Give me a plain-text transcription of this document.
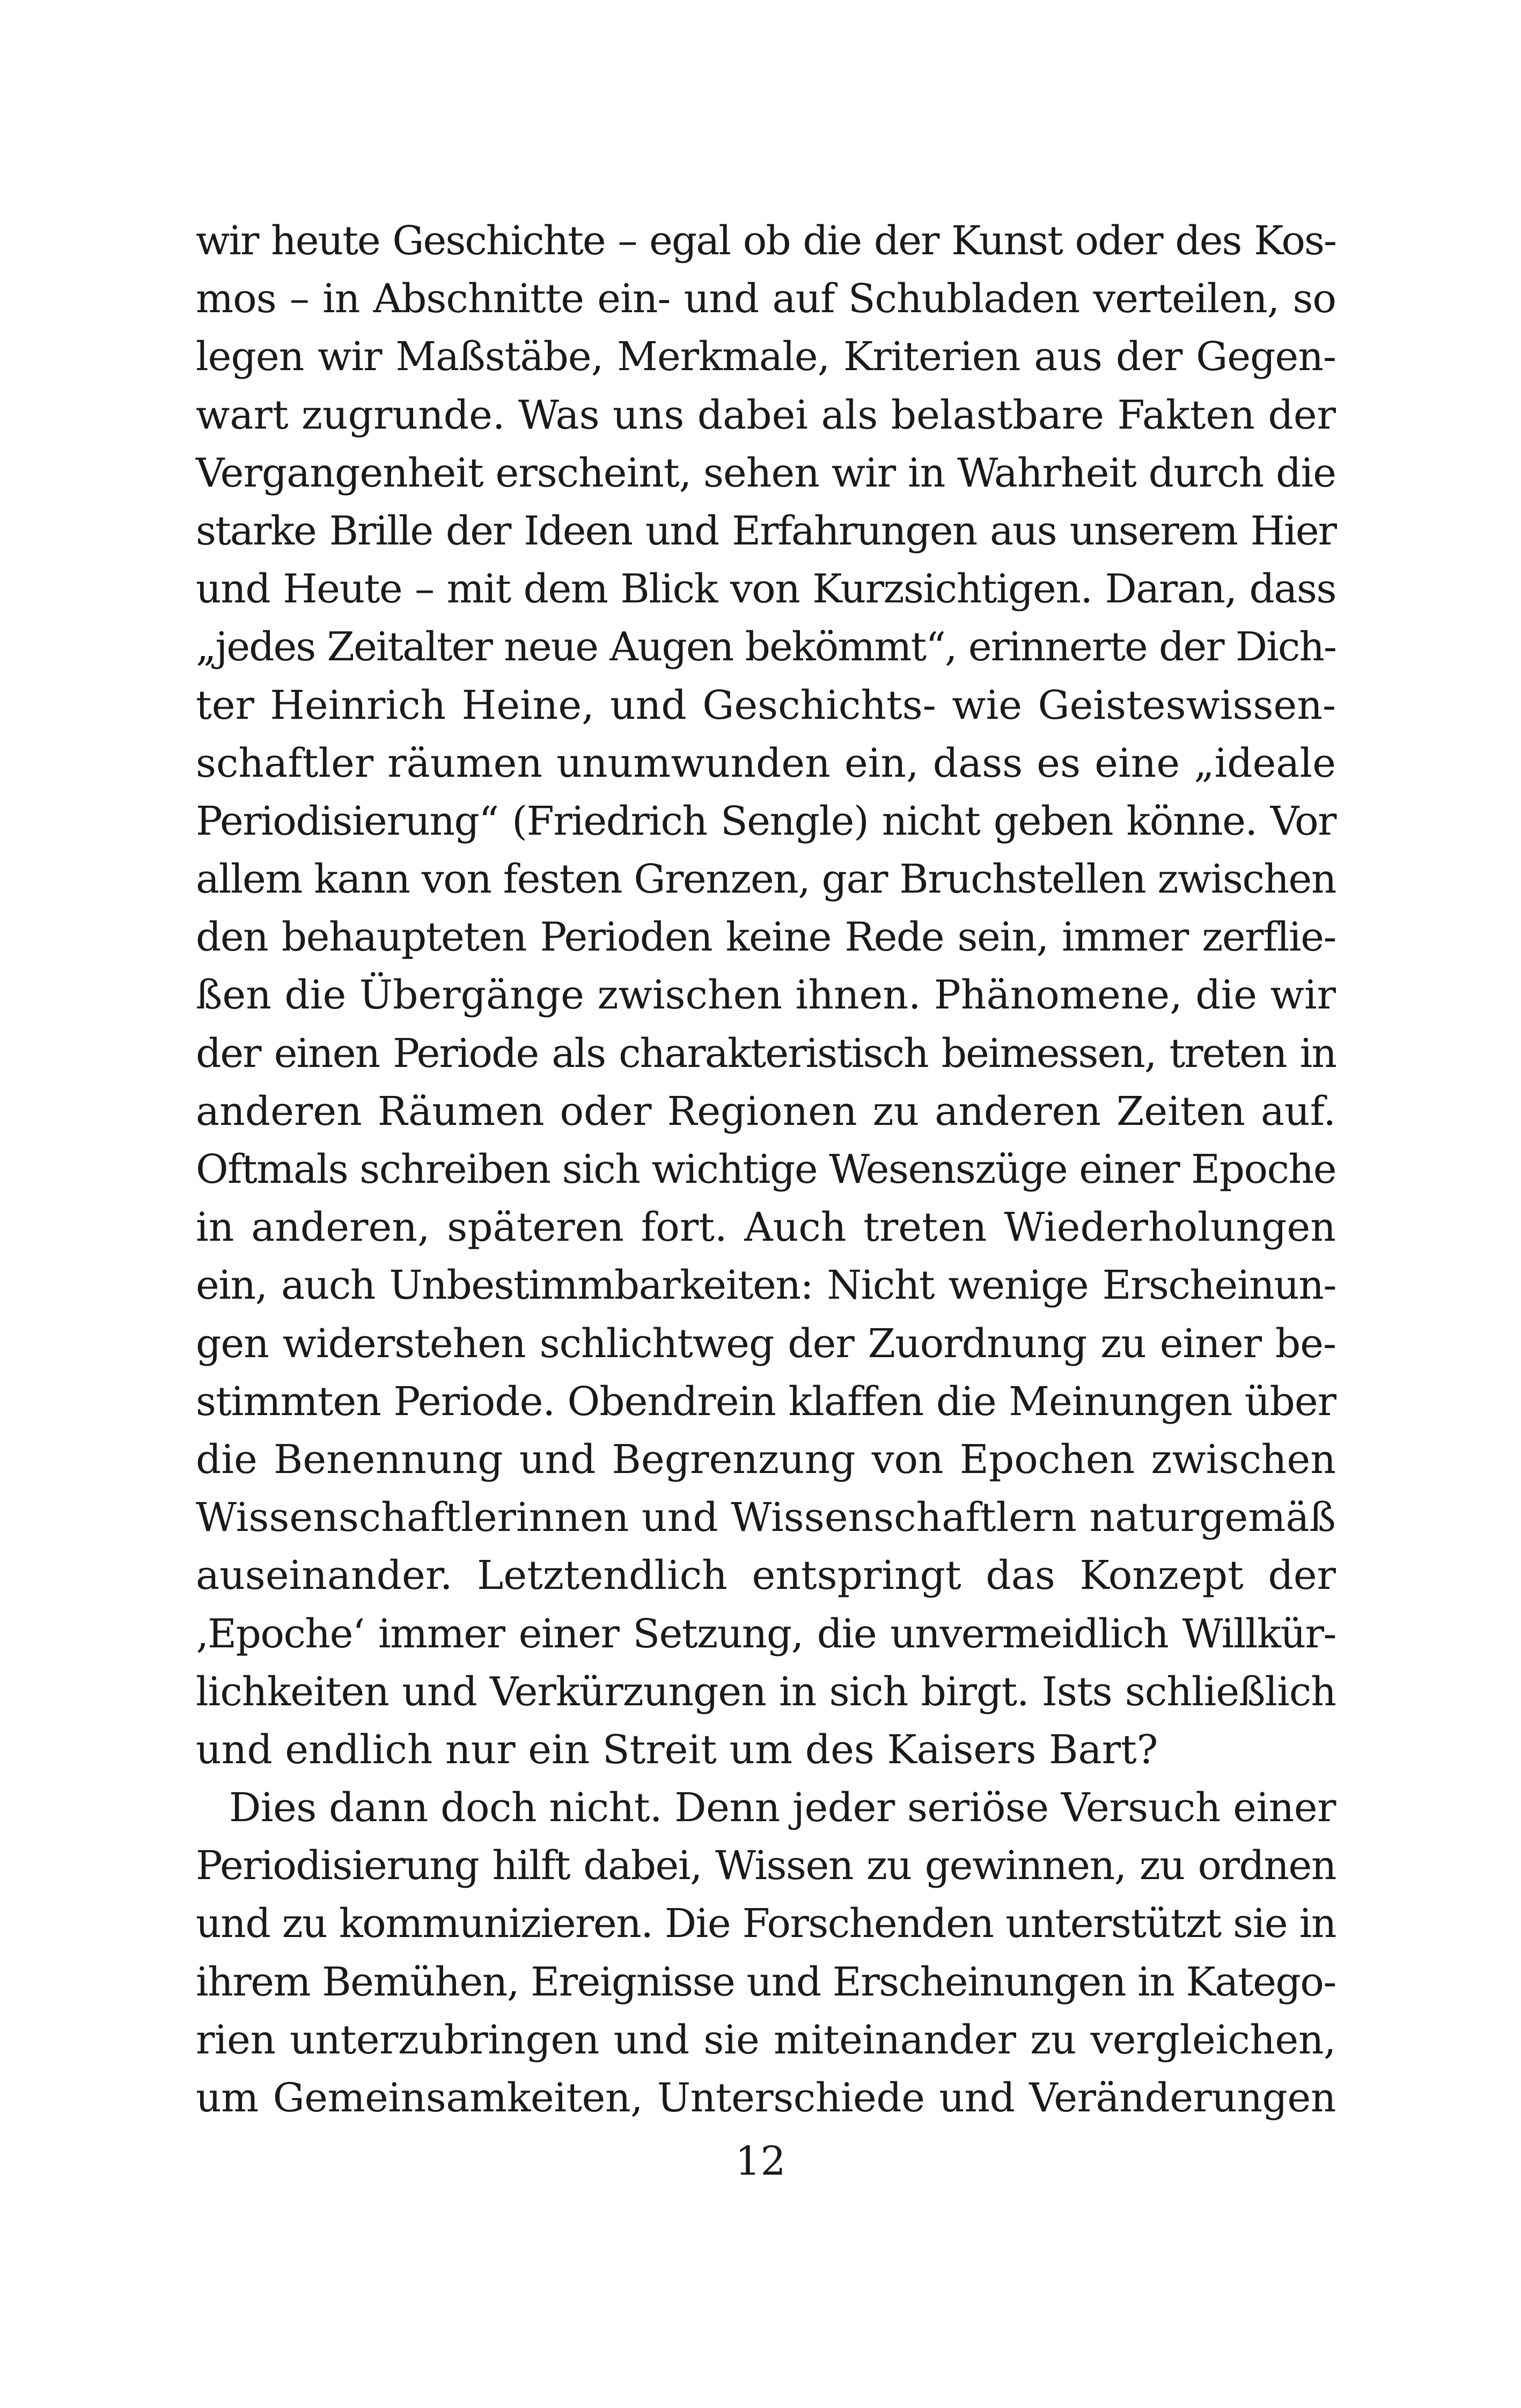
wir heute Geschichte – egal ob die der Kunst oder des Kos-
mos – in Abschnitte ein- und auf Schubladen verteilen, so
legen wir Maßstäbe, Merkmale, Kriterien aus der Gegen-
wart zugrunde. Was uns dabei als belastbare Fakten der
Vergangenheit erscheint, sehen wir in Wahrheit durch die
starke Brille der Ideen und Erfahrungen aus unserem Hier
und Heute – mit dem Blick von Kurzsichtigen. Daran, dass
„jedes Zeitalter neue Augen bekömmt“, erinnerte der Dich-
ter Heinrich Heine, und Geschichts- wie Geisteswissen-
schaftler räumen unumwunden ein, dass es eine „ideale
Periodisierung“ (Friedrich Sengle) nicht geben könne. Vor
allem kann von festen Grenzen, gar Bruchstellen zwischen
den behaupteten Perioden keine Rede sein, immer zerflie-
ßen die Übergänge zwischen ihnen. Phänomene, die wir
der einen Periode als charakteristisch beimessen, treten in
anderen Räumen oder Regionen zu anderen Zeiten auf.
Oftmals schreiben sich wichtige Wesenszüge einer Epoche
in anderen, späteren fort. Auch treten Wiederholungen
ein, auch Unbestimmbarkeiten: Nicht wenige Erscheinun-
gen widerstehen schlichtweg der Zuordnung zu einer be-
stimmten Periode. Obendrein klaffen die Meinungen über
die Benennung und Begrenzung von Epochen zwischen
Wissenschaftlerinnen und Wissenschaftlern naturgemäß
auseinander. Letztendlich entspringt das Konzept der
‚Epoche‘ immer einer Setzung, die unvermeidlich Willkür-
lichkeiten und Verkürzungen in sich birgt. Ists schließlich
und endlich nur ein Streit um des Kaisers Bart?
Dies dann doch nicht. Denn jeder seriöse Versuch einer
Periodisierung hilft dabei, Wissen zu gewinnen, zu ordnen
und zu kommunizieren. Die Forschenden unterstützt sie in
ihrem Bemühen, Ereignisse und Erscheinungen in Katego-
rien unterzubringen und sie miteinander zu vergleichen,
um Gemeinsamkeiten, Unterschiede und Veränderungen
12
